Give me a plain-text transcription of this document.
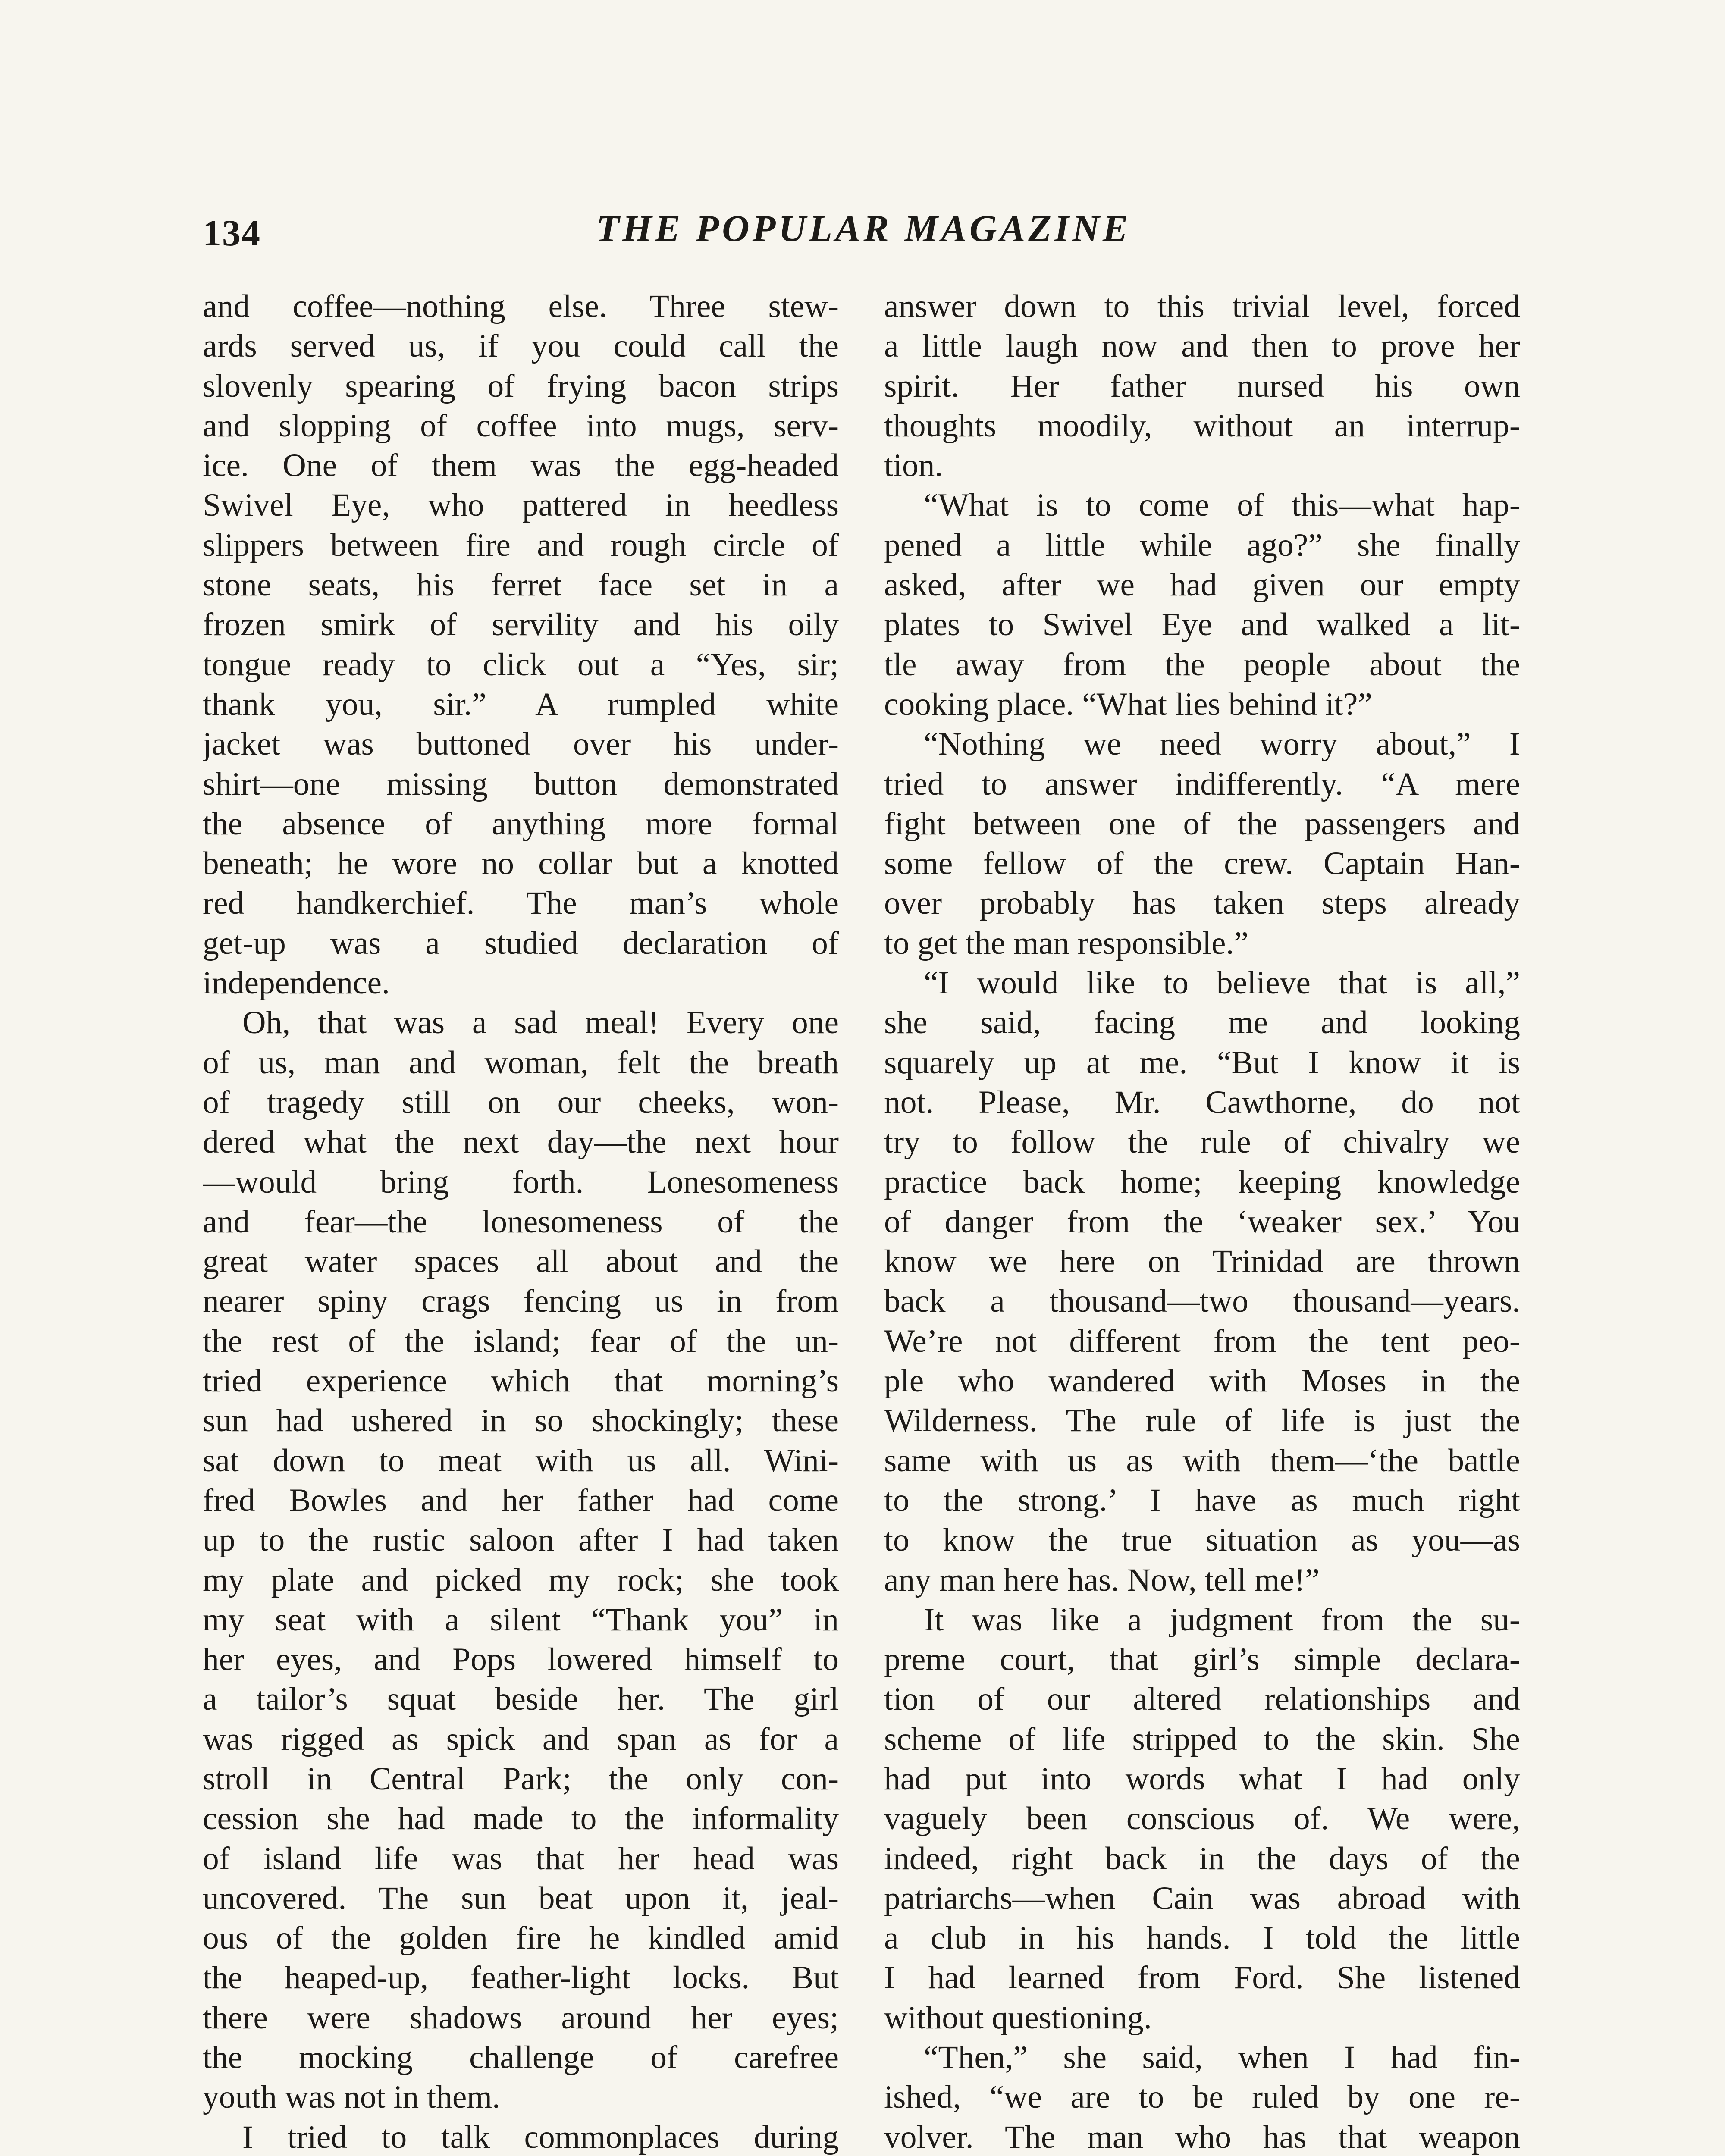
134	THE POPULAR MAGAZINE
and coffee—nothing else. Three stew-
ards served us, if you could call the
slovenly spearing of frying bacon strips
and slopping of coffee into mugs, serv-
ice. One of them was the egg-headed
Swivel Eye, who pattered in heedless
slippers between fire and rough circle of
stone seats, his ferret face set in a
frozen smirk of servility and his oily
tongue ready to click out a “Yes, sir;
thank you, sir.” A rumpled white
jacket was buttoned over his under-
shirt—one missing button demonstrated
the absence of anything more formal
beneath; he wore no collar but a knotted
red handkerchief. The man’s whole
get-up was a studied declaration of
independence.
Oh, that was a sad meal! Every one
of us, man and woman, felt the breath
of tragedy still on our cheeks, won-
dered what the next day—the next hour
—would bring forth. Lonesomeness
and fear—the lonesomeness of the
great water spaces all about and the
nearer spiny crags fencing us in from
the rest of the island; fear of the un-
tried experience which that morning’s
sun had ushered in so shockingly; these
sat down to meat with us all. Wini-
fred Bowles and her father had come
up to the rustic saloon after I had taken
my plate and picked my rock; she took
my seat with a silent “Thank you” in
her eyes, and Pops lowered himself to
a tailor’s squat beside her. The girl
was rigged as spick and span as for a
stroll in Central Park; the only con-
cession she had made to the informality
of island life was that her head was
uncovered. The sun beat upon it, jeal-
ous of the golden fire he kindled amid
the heaped-up, feather-light locks. But
there were shadows around her eyes;
the mocking challenge of carefree
youth was not in them.
I tried to talk commonplaces during
answer down to this trivial level, forced
a little laugh now and then to prove her
spirit. Her father nursed his own
thoughts moodily, without an interrup-
tion.
“What is to come of this—what hap-
pened a little while ago?” she finally
asked, after we had given our empty
plates to Swivel Eye and walked a lit-
tle away from the people about the
cooking place. “What lies behind it?”
“Nothing we need worry about,” I
tried to answer indifferently. “A mere
fight between one of the passengers and
some fellow of the crew. Captain Han-
over probably has taken steps already
to get the man responsible.”
“I would like to believe that is all,”
she said, facing me and looking
squarely up at me. “But I know it is
not. Please, Mr. Cawthorne, do not
try to follow the rule of chivalry we
practice back home; keeping knowledge
of danger from the ‘weaker sex.’ You
know we here on Trinidad are thrown
back a thousand—two thousand—years.
We’re not different from the tent peo-
ple who wandered with Moses in the
Wilderness. The rule of life is just the
same with us as with them—‘the battle
to the strong.’ I have as much right
to know the true situation as you—as
any man here has. Now, tell me!”
It was like a judgment from the su-
preme court, that girl’s simple declara-
tion of our altered relationships and
scheme of life stripped to the skin. She
had put into words what I had only
vaguely been conscious of. We were,
indeed, right back in the days of the
patriarchs—when Cain was abroad with
a club in his hands. I told the little
I had learned from Ford. She listened
without questioning.
“Then,” she said, when I had fin-
ished, “we are to be ruled by one re-
volver. The man who has that weapon
